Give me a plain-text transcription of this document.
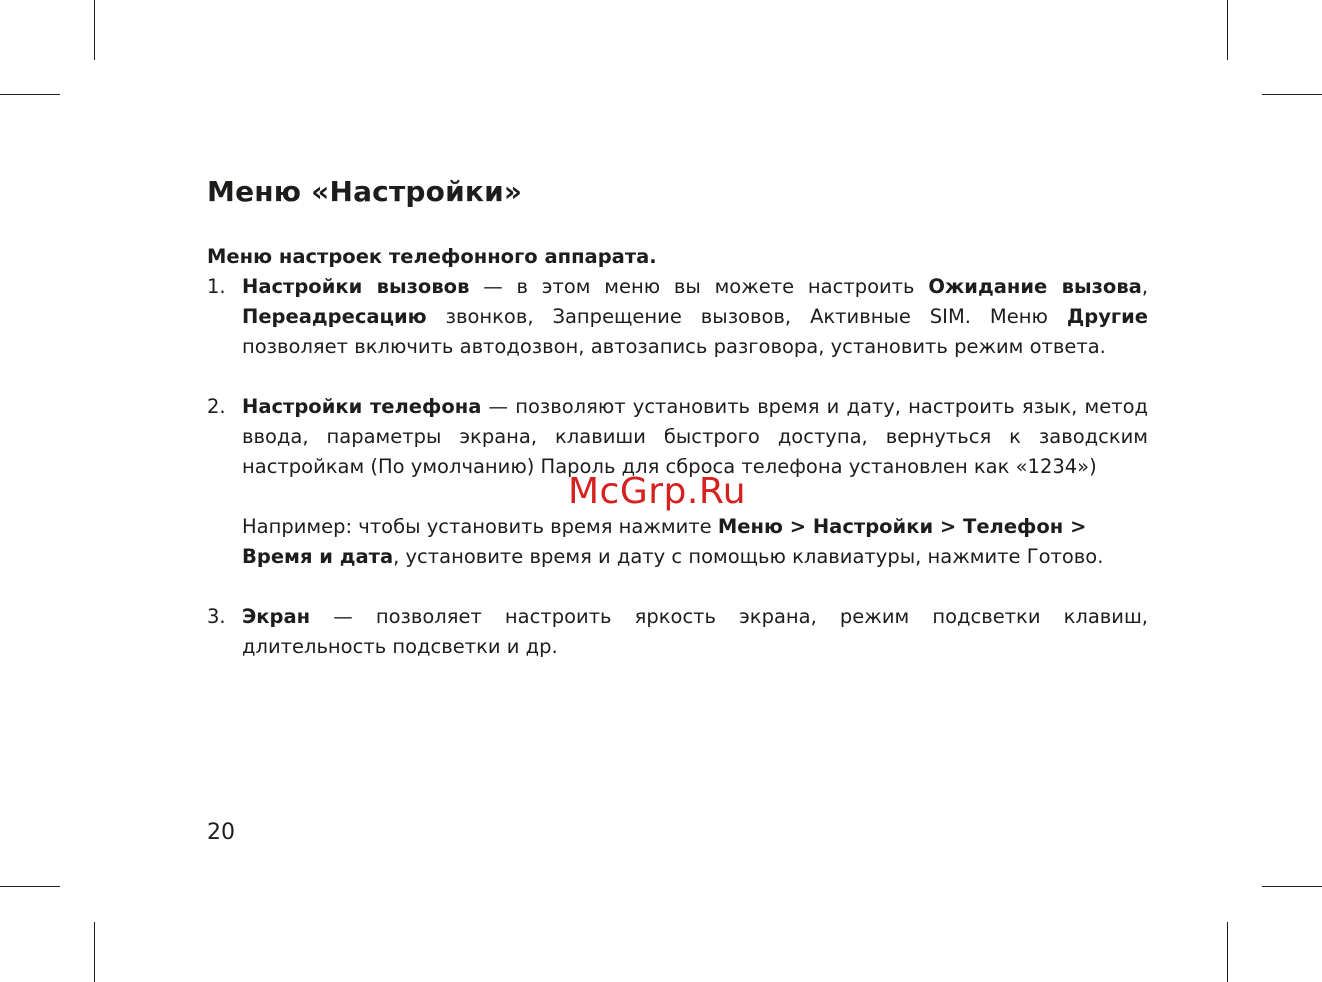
Меню «Настройки»

Меню настроек телефонного аппарата.

1. Настройки вызовов — в этом меню вы можете настроить Ожидание вызова, Переадресацию звонков, Запрещение вызовов, Активные SIM. Меню Другие позволяет включить автодозвон, автозапись разговора, установить режим ответа.
2. Настройки телефона — позволяют установить время и дату, настроить язык, метод ввода, параметры экрана, клавиши быстрого доступа, вернуться к заводским настройкам (По умолчанию) Пароль для сброса телефона установлен как «1234»)

Например: чтобы установить время нажмите Меню > Настройки > Телефон > Время и дата, установите время и дату с помощью клавиатуры, нажмите Готово.

3. Экран — позволяет настроить яркость экрана, режим подсветки клавиш, длительность подсветки и др.
McGrp.Ru
20
